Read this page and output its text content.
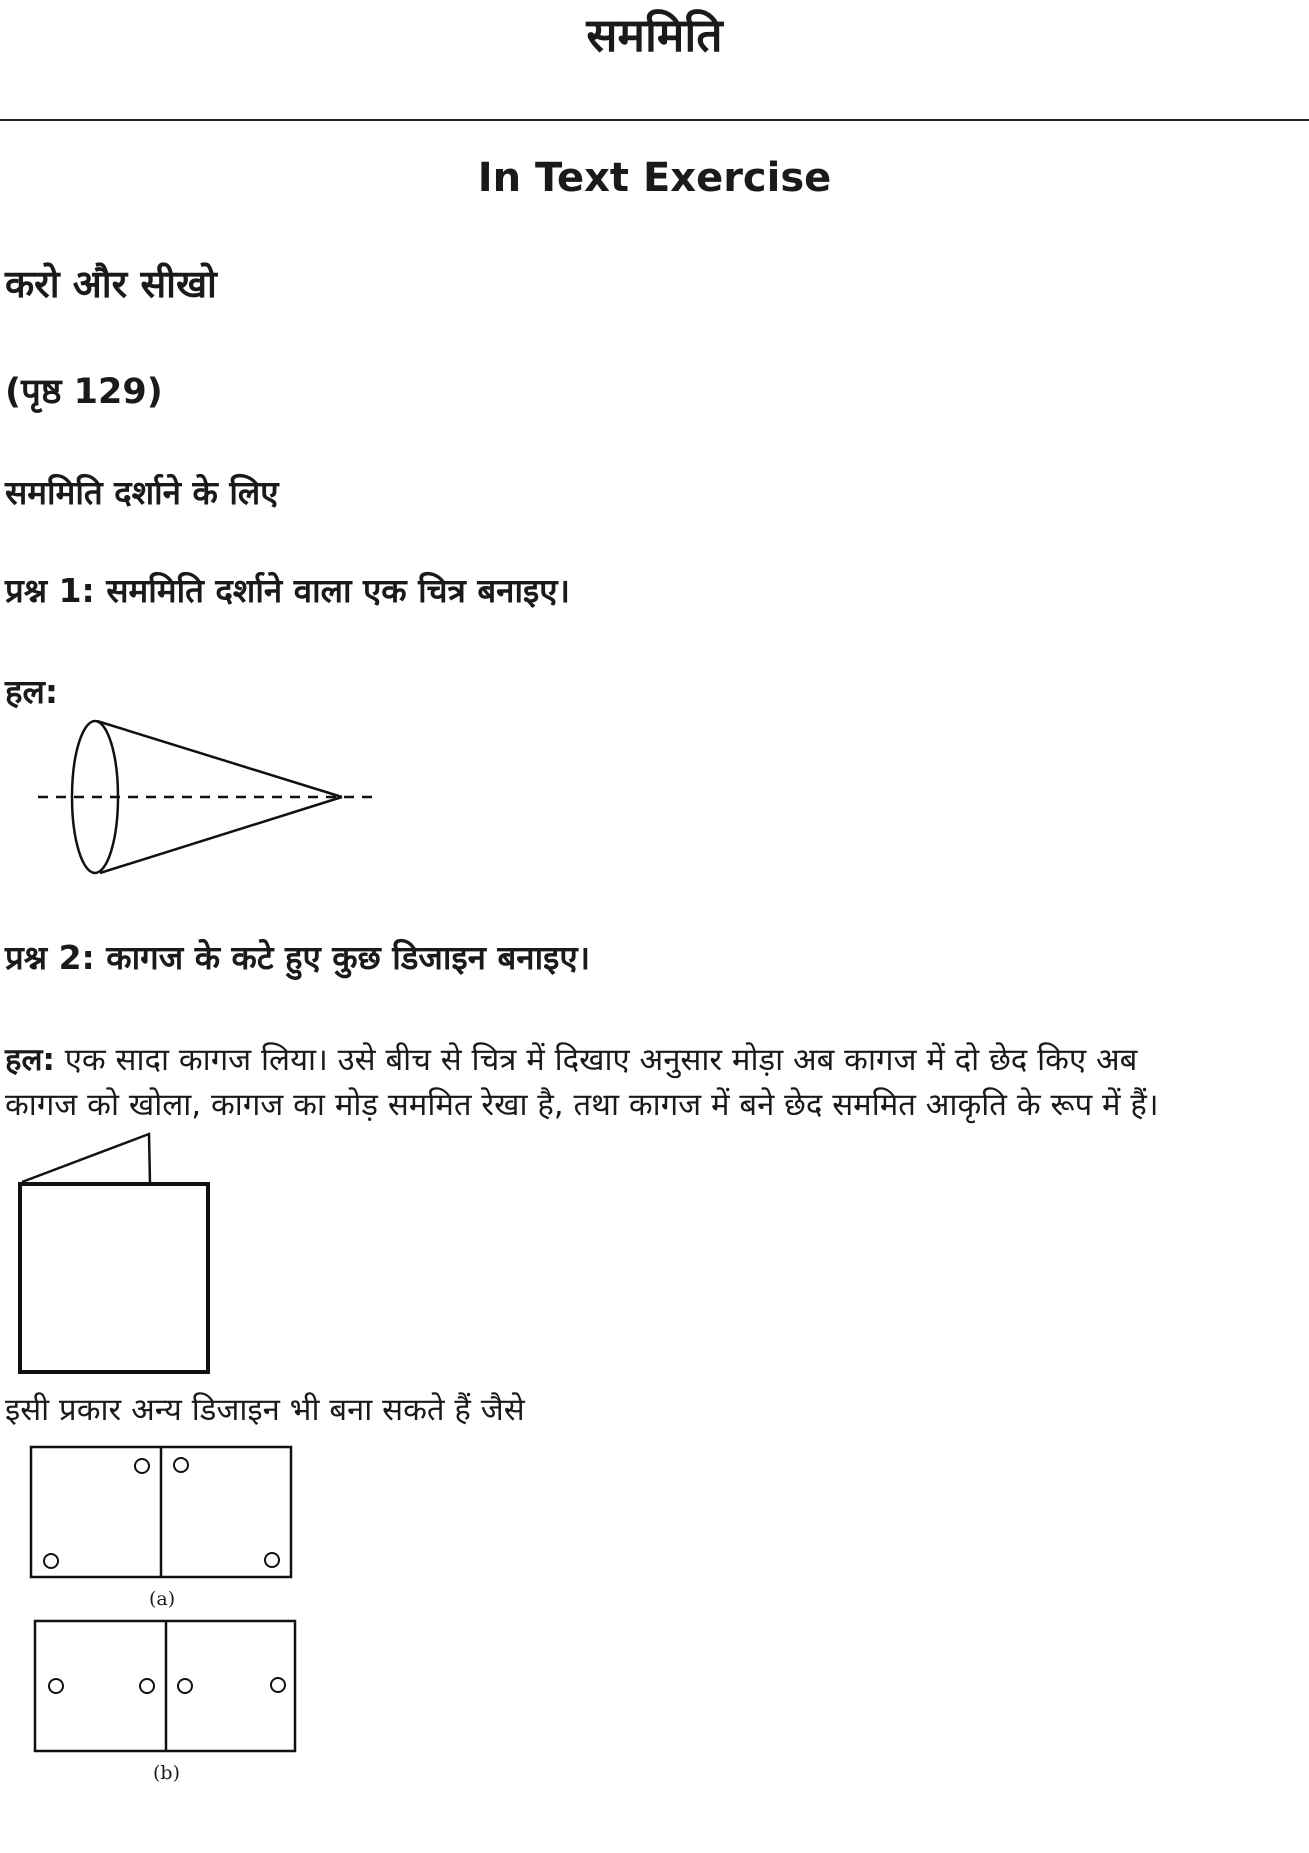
सममिति
In Text Exercise
करो और सीखो
(पृष्ठ 129)
सममिति दर्शाने के लिए
प्रश्न 1: सममिति दर्शाने वाला एक चित्र बनाइए।
हल:
प्रश्न 2: कागज के कटे हुए कुछ डिजाइन बनाइए।
हल: एक सादा कागज लिया। उसे बीच से चित्र में दिखाए अनुसार मोड़ा अब कागज में दो छेद किए अब
कागज को खोला, कागज का मोड़ सममित रेखा है, तथा कागज में बने छेद सममित आकृति के रूप में हैं।
इसी प्रकार अन्य डिजाइन भी बना सकते हैं जैसे
(a)
(b)
